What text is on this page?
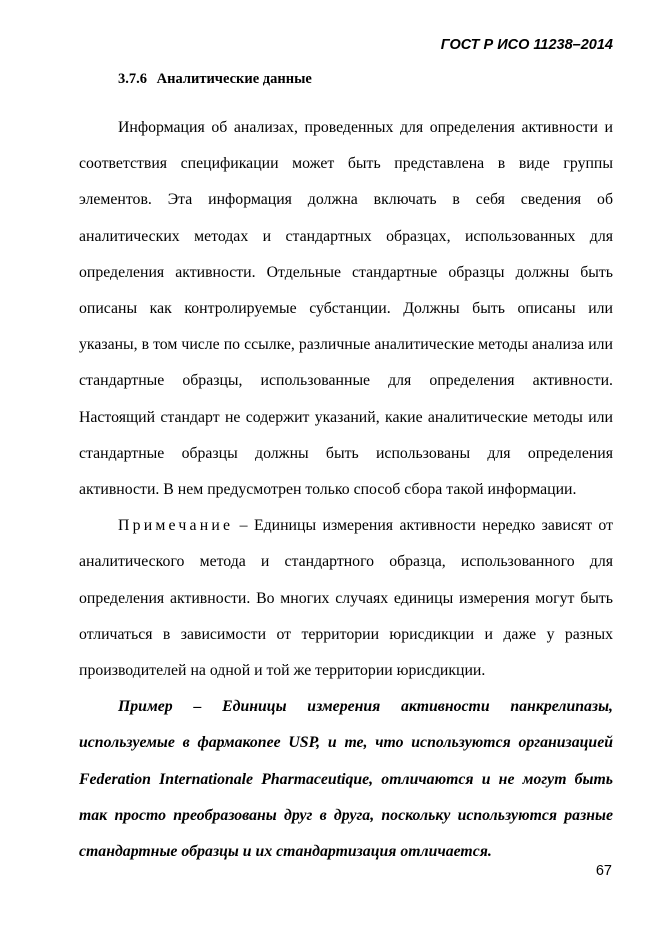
ГОСТ Р ИСО 11238–2014
3.7.6 Аналитические данные

Информация об анализах, проведенных для определения активности и соответствия спецификации может быть представлена в виде группы элементов. Эта информация должна включать в себя сведения об аналитических методах и стандартных образцах, использованных для определения активности. Отдельные стандартные образцы должны быть описаны как контролируемые субстанции. Должны быть описаны или указаны, в том числе по ссылке, различные аналитические методы анализа или стандартные образцы, использованные для определения активности. Настоящий стандарт не содержит указаний, какие аналитические методы или стандартные образцы должны быть использованы для определения активности. В нем предусмотрен только способ сбора такой информации.

Примечание – Единицы измерения активности нередко зависят от аналитического метода и стандартного образца, использованного для определения активности. Во многих случаях единицы измерения могут быть отличаться в зависимости от территории юрисдикции и даже у разных производителей на одной и той же территории юрисдикции.

Пример – Единицы измерения активности панкрелипазы, используемые в фармакопее USP, и те, что используются организацией Federation Internationale Pharmaceutique, отличаются и не могут быть так просто преобразованы друг в друга, поскольку используются разные стандартные образцы и их стандартизация отличается.

67
